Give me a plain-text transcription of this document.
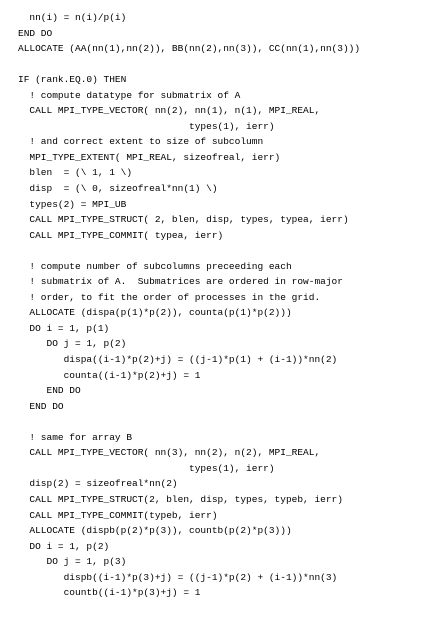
nn(i) = n(i)/p(i)
END DO
ALLOCATE (AA(nn(1),nn(2)), BB(nn(2),nn(3)), CC(nn(1),nn(3)))
IF (rank.EQ.0) THEN
! compute datatype for submatrix of A
CALL MPI_TYPE_VECTOR( nn(2), nn(1), n(1), MPI_REAL,
types(1), ierr)
! and correct extent to size of subcolumn
MPI_TYPE_EXTENT( MPI_REAL, sizeofreal, ierr)
blen  = (\ 1, 1 \)
disp  = (\ 0, sizeofreal*nn(1) \)
types(2) = MPI_UB
CALL MPI_TYPE_STRUCT( 2, blen, disp, types, typea, ierr)
CALL MPI_TYPE_COMMIT( typea, ierr)
! compute number of subcolumns preceeding each
! submatrix of A.  Submatrices are ordered in row-major
! order, to fit the order of processes in the grid.
ALLOCATE (dispa(p(1)*p(2)), counta(p(1)*p(2)))
DO i = 1, p(1)
DO j = 1, p(2)
dispa((i-1)*p(2)+j) = ((j-1)*p(1) + (i-1))*nn(2)
counta((i-1)*p(2)+j) = 1
END DO
END DO
! same for array B
CALL MPI_TYPE_VECTOR( nn(3), nn(2), n(2), MPI_REAL,
types(1), ierr)
disp(2) = sizeofreal*nn(2)
CALL MPI_TYPE_STRUCT(2, blen, disp, types, typeb, ierr)
CALL MPI_TYPE_COMMIT(typeb, ierr)
ALLOCATE (dispb(p(2)*p(3)), countb(p(2)*p(3)))
DO i = 1, p(2)
DO j = 1, p(3)
dispb((i-1)*p(3)+j) = ((j-1)*p(2) + (i-1))*nn(3)
countb((i-1)*p(3)+j) = 1
